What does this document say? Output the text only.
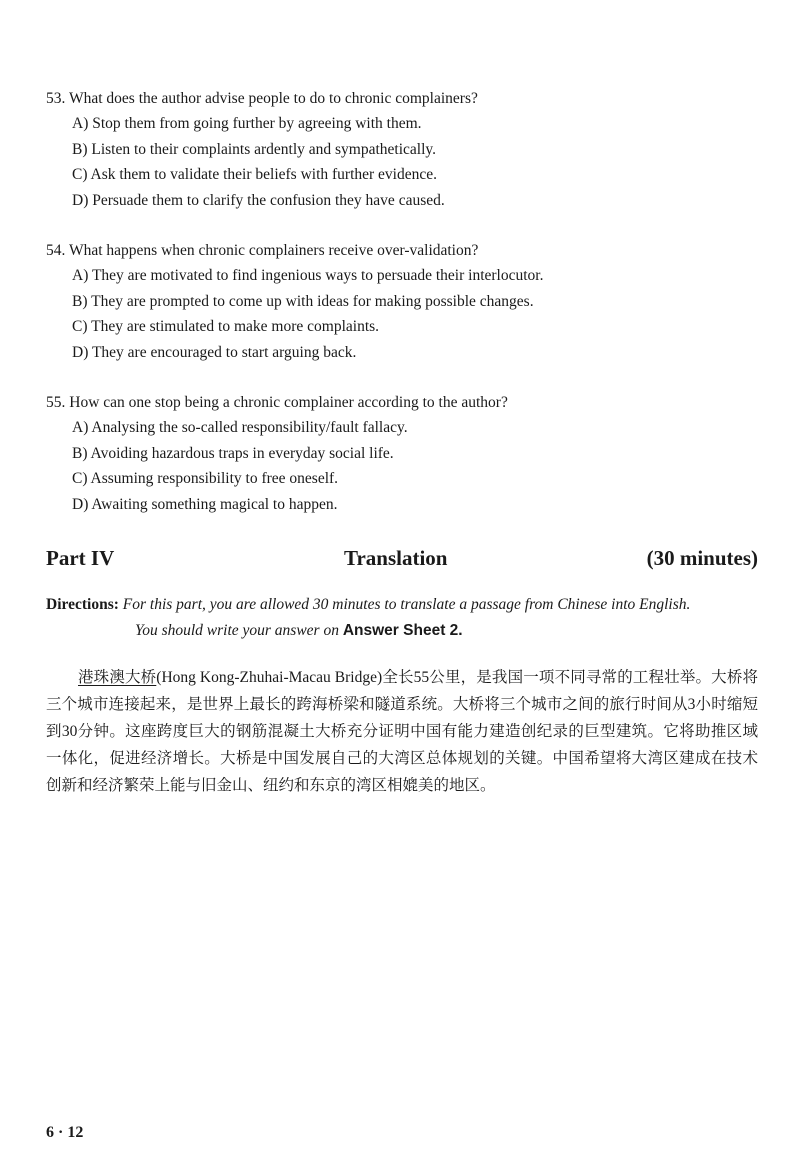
53. What does the author advise people to do to chronic complainers?
A) Stop them from going further by agreeing with them.
B) Listen to their complaints ardently and sympathetically.
C) Ask them to validate their beliefs with further evidence.
D) Persuade them to clarify the confusion they have caused.
54. What happens when chronic complainers receive over-validation?
A) They are motivated to find ingenious ways to persuade their interlocutor.
B) They are prompted to come up with ideas for making possible changes.
C) They are stimulated to make more complaints.
D) They are encouraged to start arguing back.
55. How can one stop being a chronic complainer according to the author?
A) Analysing the so-called responsibility/fault fallacy.
B) Avoiding hazardous traps in everyday social life.
C) Assuming responsibility to free oneself.
D) Awaiting something magical to happen.
Part IV	Translation	(30 minutes)
Directions: For this part, you are allowed 30 minutes to translate a passage from Chinese into English.
You should write your answer on Answer Sheet 2.

港珠澳大桥(Hong Kong-Zhuhai-Macau Bridge)全长55公里，是我国一项不同寻常的工程壮举。大桥将三个城市连接起来，是世界上最长的跨海桥梁和隧道系统。大桥将三个城市之间的旅行时间从3小时缩短到30分钟。这座跨度巨大的钢筋混凝土大桥充分证明中国有能力建造创纪录的巨型建筑。它将助推区域一体化，促进经济增长。大桥是中国发展自己的大湾区总体规划的关键。中国希望将大湾区建成在技术创新和经济繁荣上能与旧金山、纽约和东京的湾区相媲美的地区。

6 · 12
